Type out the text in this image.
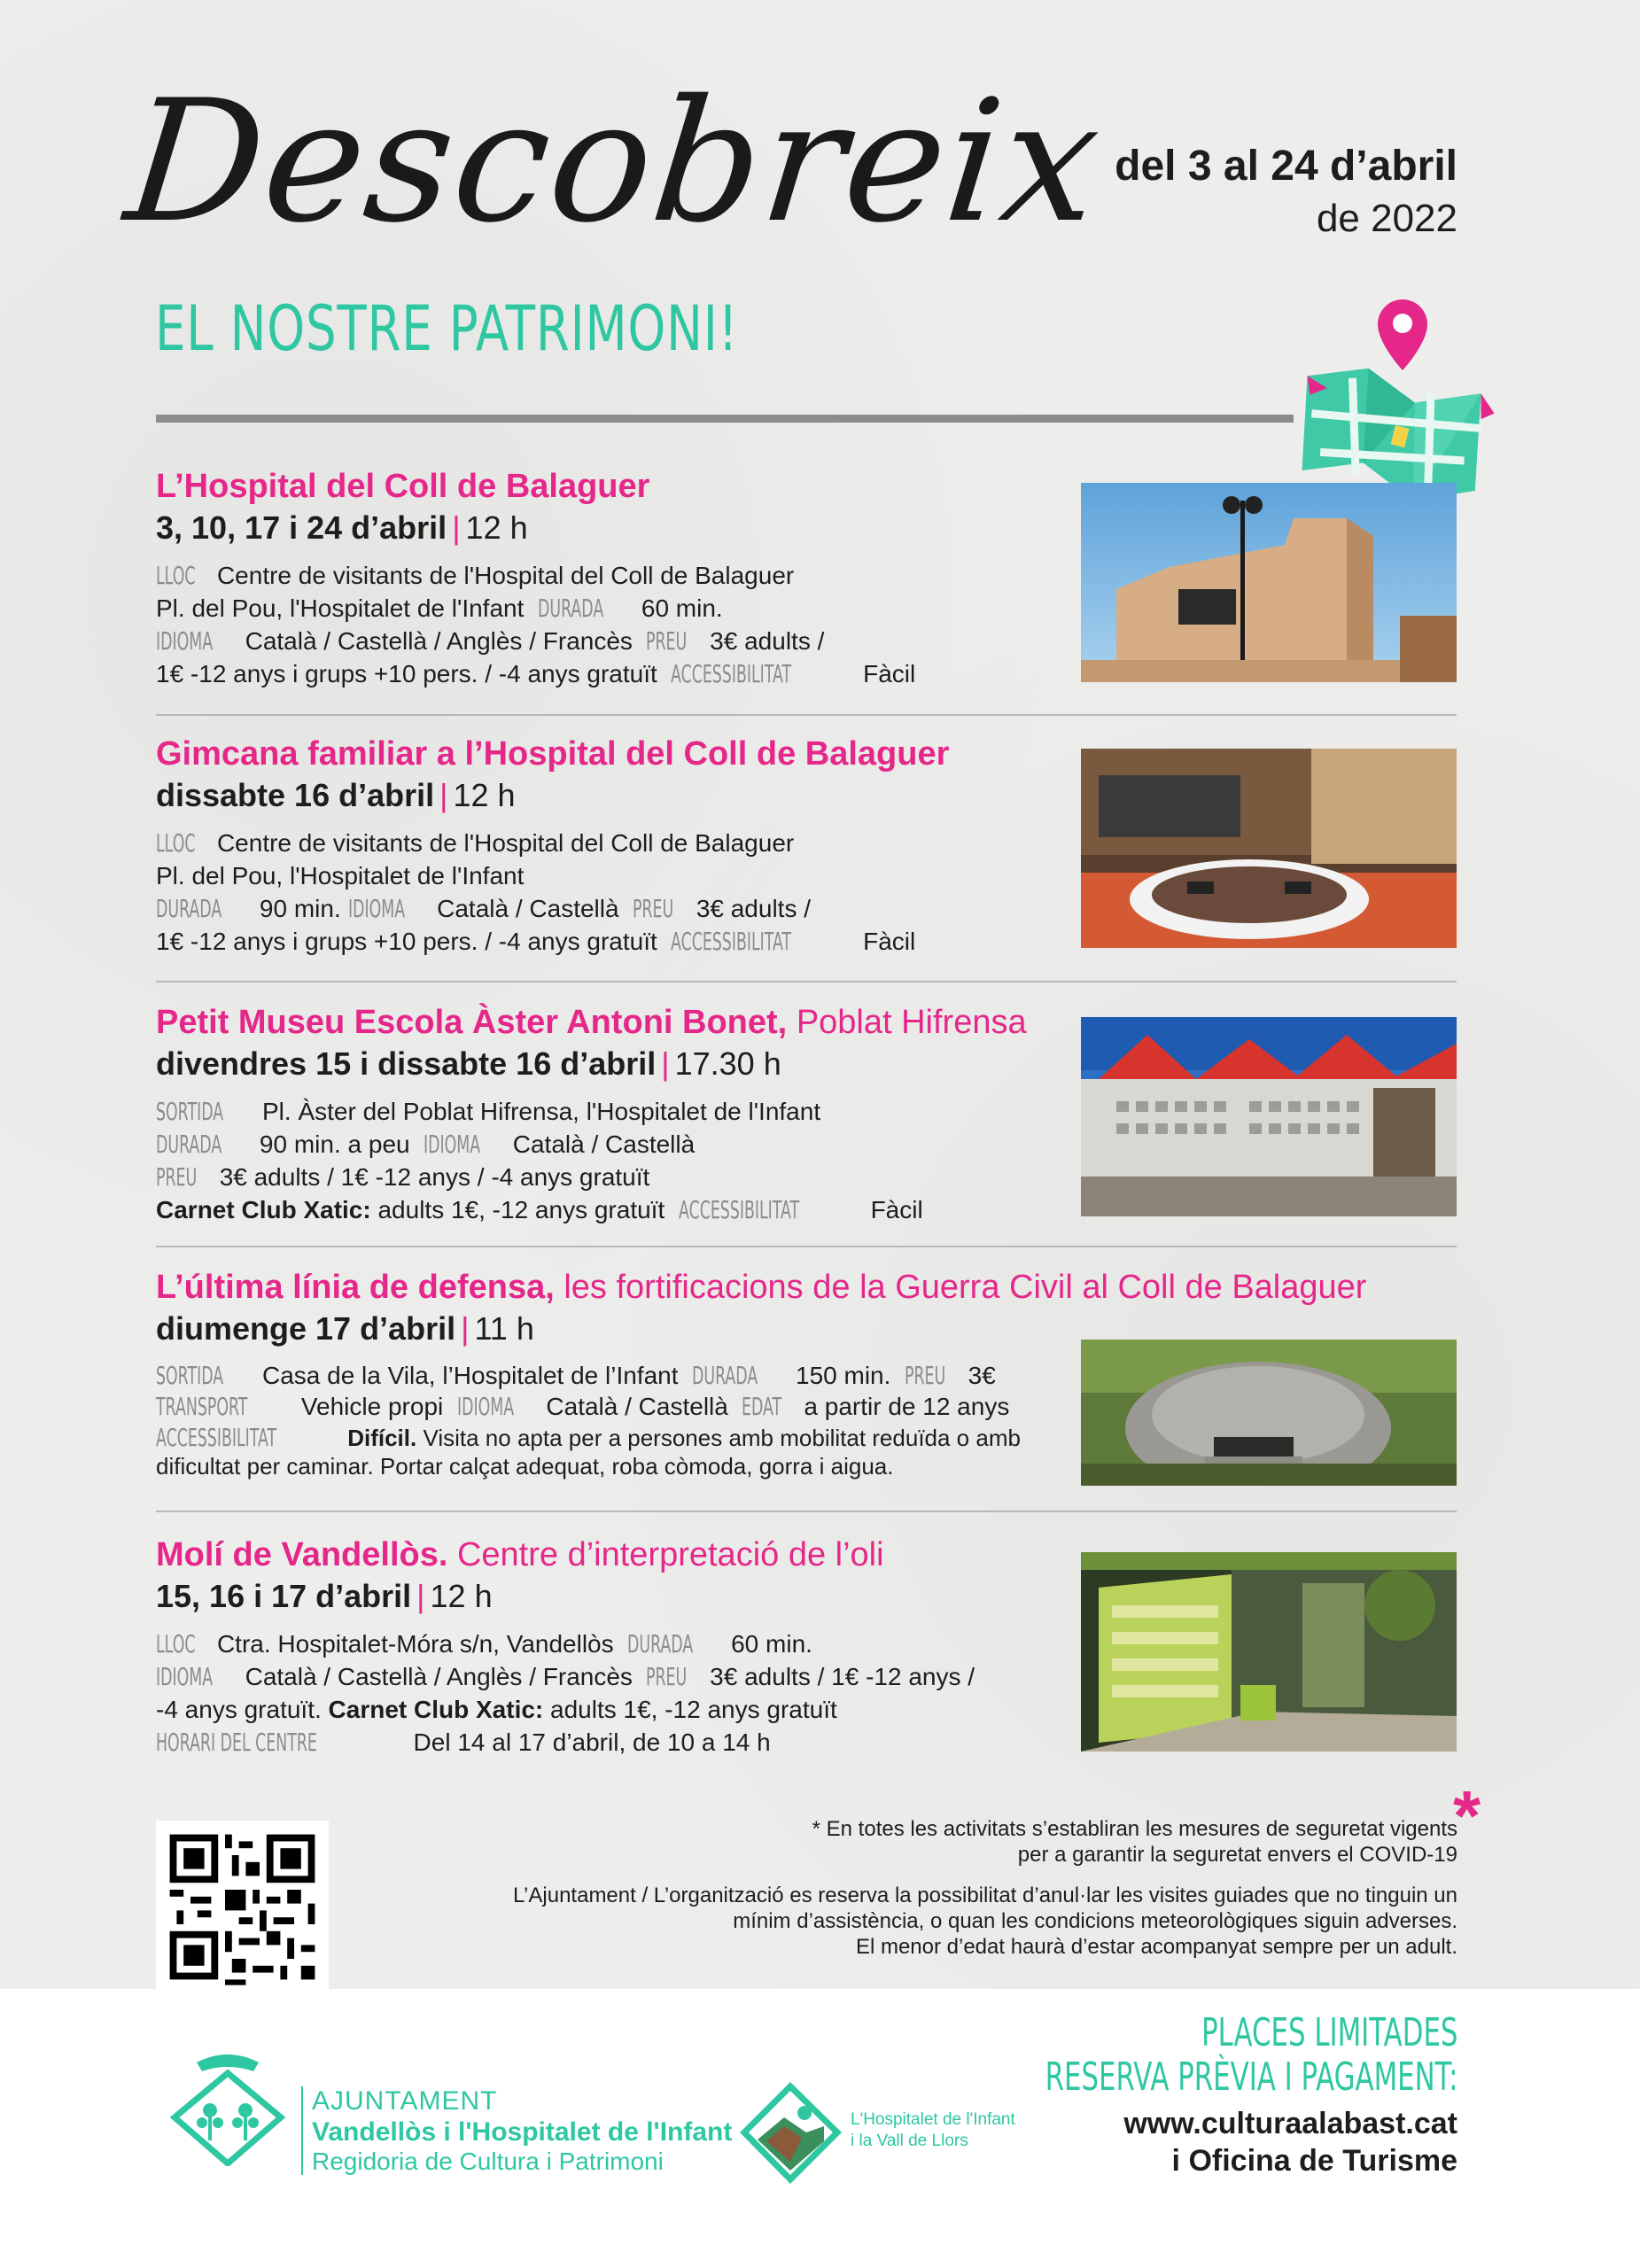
Descobreix
EL NOSTRE PATRIMONI!
del 3 al 24 d’abril
de 2022
L’Hospital del Coll de Balaguer
3, 10, 17 i 24 d’abril | 12 h
LLOC Centre de visitants de l'Hospital del Coll de Balaguer
Pl. del Pou, l'Hospitalet de l'Infant DURADA 60 min.
IDIOMA Català / Castellà / Anglès / Francès PREU 3€ adults /
1€ -12 anys i grups +10 pers. / -4 anys gratuït ACCESSIBILITAT	Fàcil
Gimcana familiar a l’Hospital del Coll de Balaguer
dissabte 16 d’abril | 12 h
LLOC Centre de visitants de l'Hospital del Coll de Balaguer
Pl. del Pou, l'Hospitalet de l'Infant
DURADA 90 min. IDIOMA Català / Castellà PREU 3€ adults /
1€ -12 anys i grups +10 pers. / -4 anys gratuït ACCESSIBILITAT	Fàcil
Petit Museu Escola Àster Antoni Bonet, Poblat Hifrensa
divendres 15 i dissabte 16 d’abril | 17.30 h
SORTIDA Pl. Àster del Poblat Hifrensa, l'Hospitalet de l'Infant
DURADA 90 min. a peu IDIOMA Català / Castellà
PREU 3€ adults / 1€ -12 anys / -4 anys gratuït
Carnet Club Xatic: adults 1€, -12 anys gratuït ACCESSIBILITAT	Fàcil
L’última línia de defensa, les fortificacions de la Guerra Civil al Coll de Balaguer
diumenge 17 d’abril | 11 h
SORTIDA Casa de la Vila, l’Hospitalet de l’Infant DURADA 150 min. PREU 3€
TRANSPORT Vehicle propi IDIOMA Català / Castellà EDAT a partir de 12 anys
ACCESSIBILITAT	Difícil. Visita no apta per a persones amb mobilitat reduïda o amb
dificultat per caminar. Portar calçat adequat, roba còmoda, gorra i aigua.
Molí de Vandellòs. Centre d’interpretació de l’oli
15, 16 i 17 d’abril | 12 h
LLOC Ctra. Hospitalet-Móra s/n, Vandellòs DURADA 60 min.
IDIOMA Català / Castellà / Anglès / Francès PREU 3€ adults / 1€ -12 anys /
-4 anys gratuït. Carnet Club Xatic: adults 1€, -12 anys gratuït
HORARI DEL CENTRE	Del 14 al 17 d’abril, de 10 a 14 h
*
* En totes les activitats s’establiran les mesures de seguretat vigents
per a garantir la seguretat envers el COVID-19
L’Ajuntament / L’organització es reserva la possibilitat d’anul·lar les visites guiades que no tinguin un
mínim d’assistència, o quan les condicions meteorològiques siguin adverses.
El menor d’edat haurà d’estar acompanyat sempre per un adult.
AJUNTAMENT
Vandellòs i l'Hospitalet de l'Infant
Regidoria de Cultura i Patrimoni
L'Hospitalet de l'Infant
i la Vall de Llors
PLACES LIMITADES
RESERVA PRÈVIA I PAGAMENT:
www.culturaalabast.cat
i Oficina de Turisme
